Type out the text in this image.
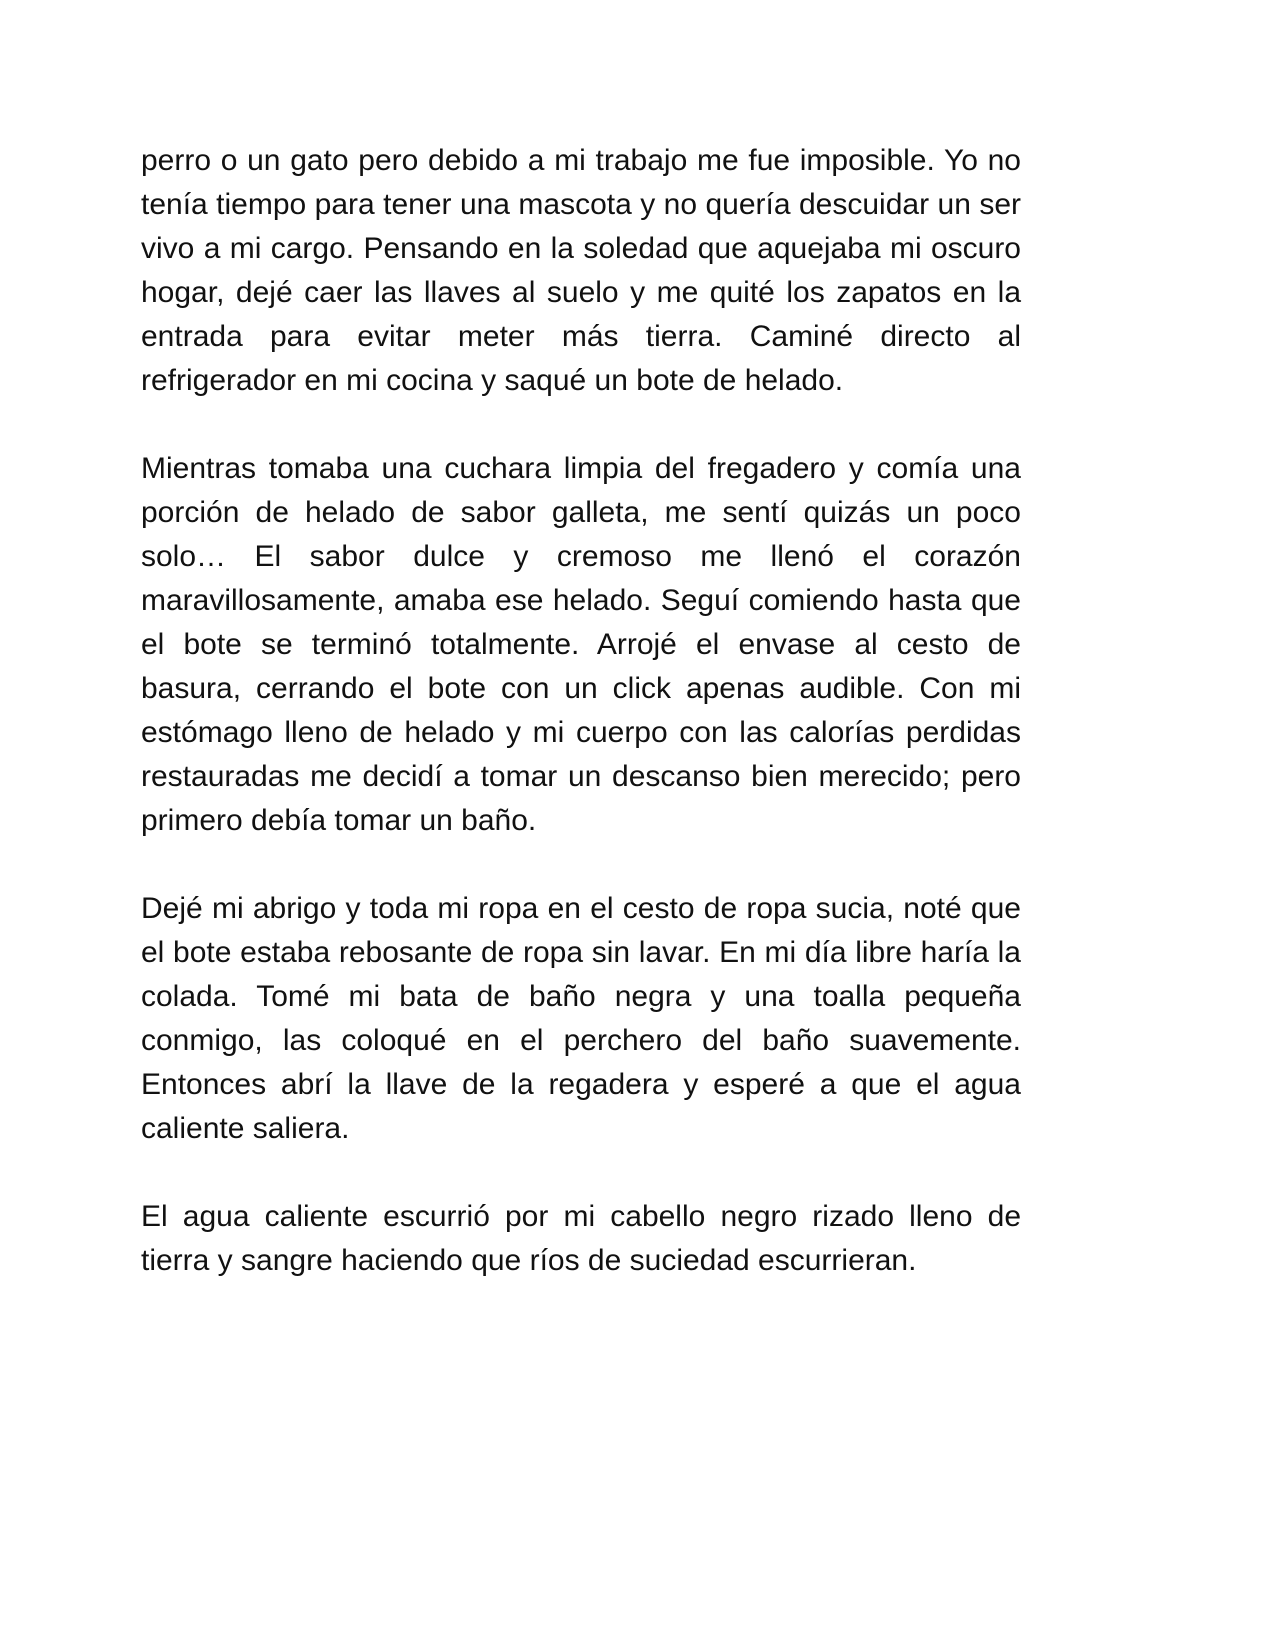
perro o un gato pero debido a mi trabajo me fue imposible. Yo no tenía tiempo para tener una mascota y no quería descuidar un ser vivo a mi cargo. Pensando en la soledad que aquejaba mi oscuro hogar, dejé caer las llaves al suelo y me quité los zapatos en la entrada para evitar meter más tierra. Caminé directo al refrigerador en mi cocina y saqué un bote de helado.

Mientras tomaba una cuchara limpia del fregadero y comía una porción de helado de sabor galleta, me sentí quizás un poco solo… El sabor dulce y cremoso me llenó el corazón maravillosamente, amaba ese helado. Seguí comiendo hasta que el bote se terminó totalmente. Arrojé el envase al cesto de basura, cerrando el bote con un click apenas audible. Con mi estómago lleno de helado y mi cuerpo con las calorías perdidas restauradas me decidí a tomar un descanso bien merecido; pero primero debía tomar un baño.

Dejé mi abrigo y toda mi ropa en el cesto de ropa sucia, noté que el bote estaba rebosante de ropa sin lavar. En mi día libre haría la colada. Tomé mi bata de baño negra y una toalla pequeña conmigo, las coloqué en el perchero del baño suavemente. Entonces abrí la llave de la regadera y esperé a que el agua caliente saliera.

El agua caliente escurrió por mi cabello negro rizado lleno de tierra y sangre haciendo que ríos de suciedad escurrieran.
